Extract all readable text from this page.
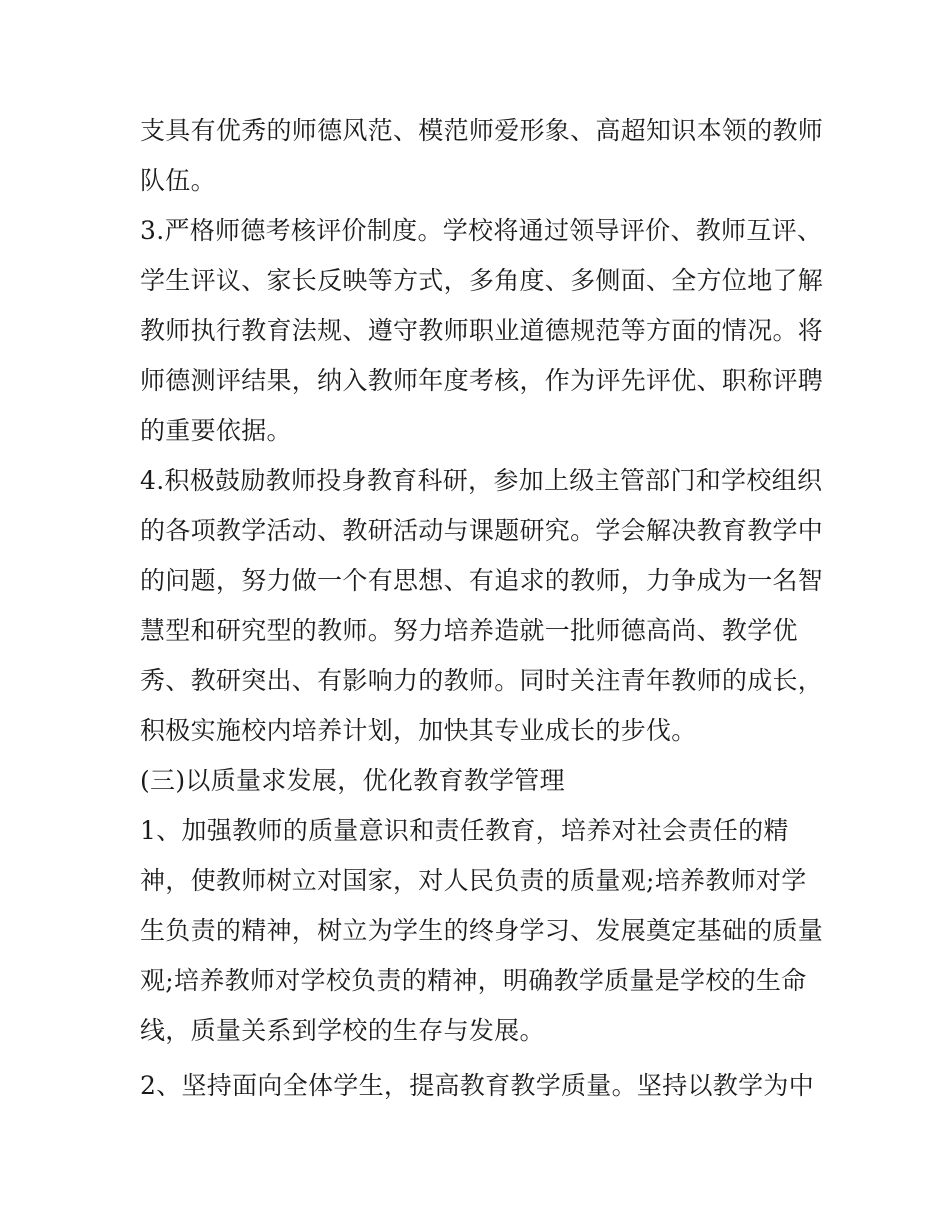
支具有优秀的师德风范、模范师爱形象、高超知识本领的教师
队伍。
3.严格师德考核评价制度。学校将通过领导评价、教师互评、
学生评议、家长反映等方式，多角度、多侧面、全方位地了解
教师执行教育法规、遵守教师职业道德规范等方面的情况。将
师德测评结果，纳入教师年度考核，作为评先评优、职称评聘
的重要依据。
4.积极鼓励教师投身教育科研，参加上级主管部门和学校组织
的各项教学活动、教研活动与课题研究。学会解决教育教学中
的问题，努力做一个有思想、有追求的教师，力争成为一名智
慧型和研究型的教师。努力培养造就一批师德高尚、教学优
秀、教研突出、有影响力的教师。同时关注青年教师的成长，
积极实施校内培养计划，加快其专业成长的步伐。
(三)以质量求发展，优化教育教学管理
1、加强教师的质量意识和责任教育，培养对社会责任的精
神，使教师树立对国家，对人民负责的质量观;培养教师对学
生负责的精神，树立为学生的终身学习、发展奠定基础的质量
观;培养教师对学校负责的精神，明确教学质量是学校的生命
线，质量关系到学校的生存与发展。
2、坚持面向全体学生，提高教育教学质量。坚持以教学为中
